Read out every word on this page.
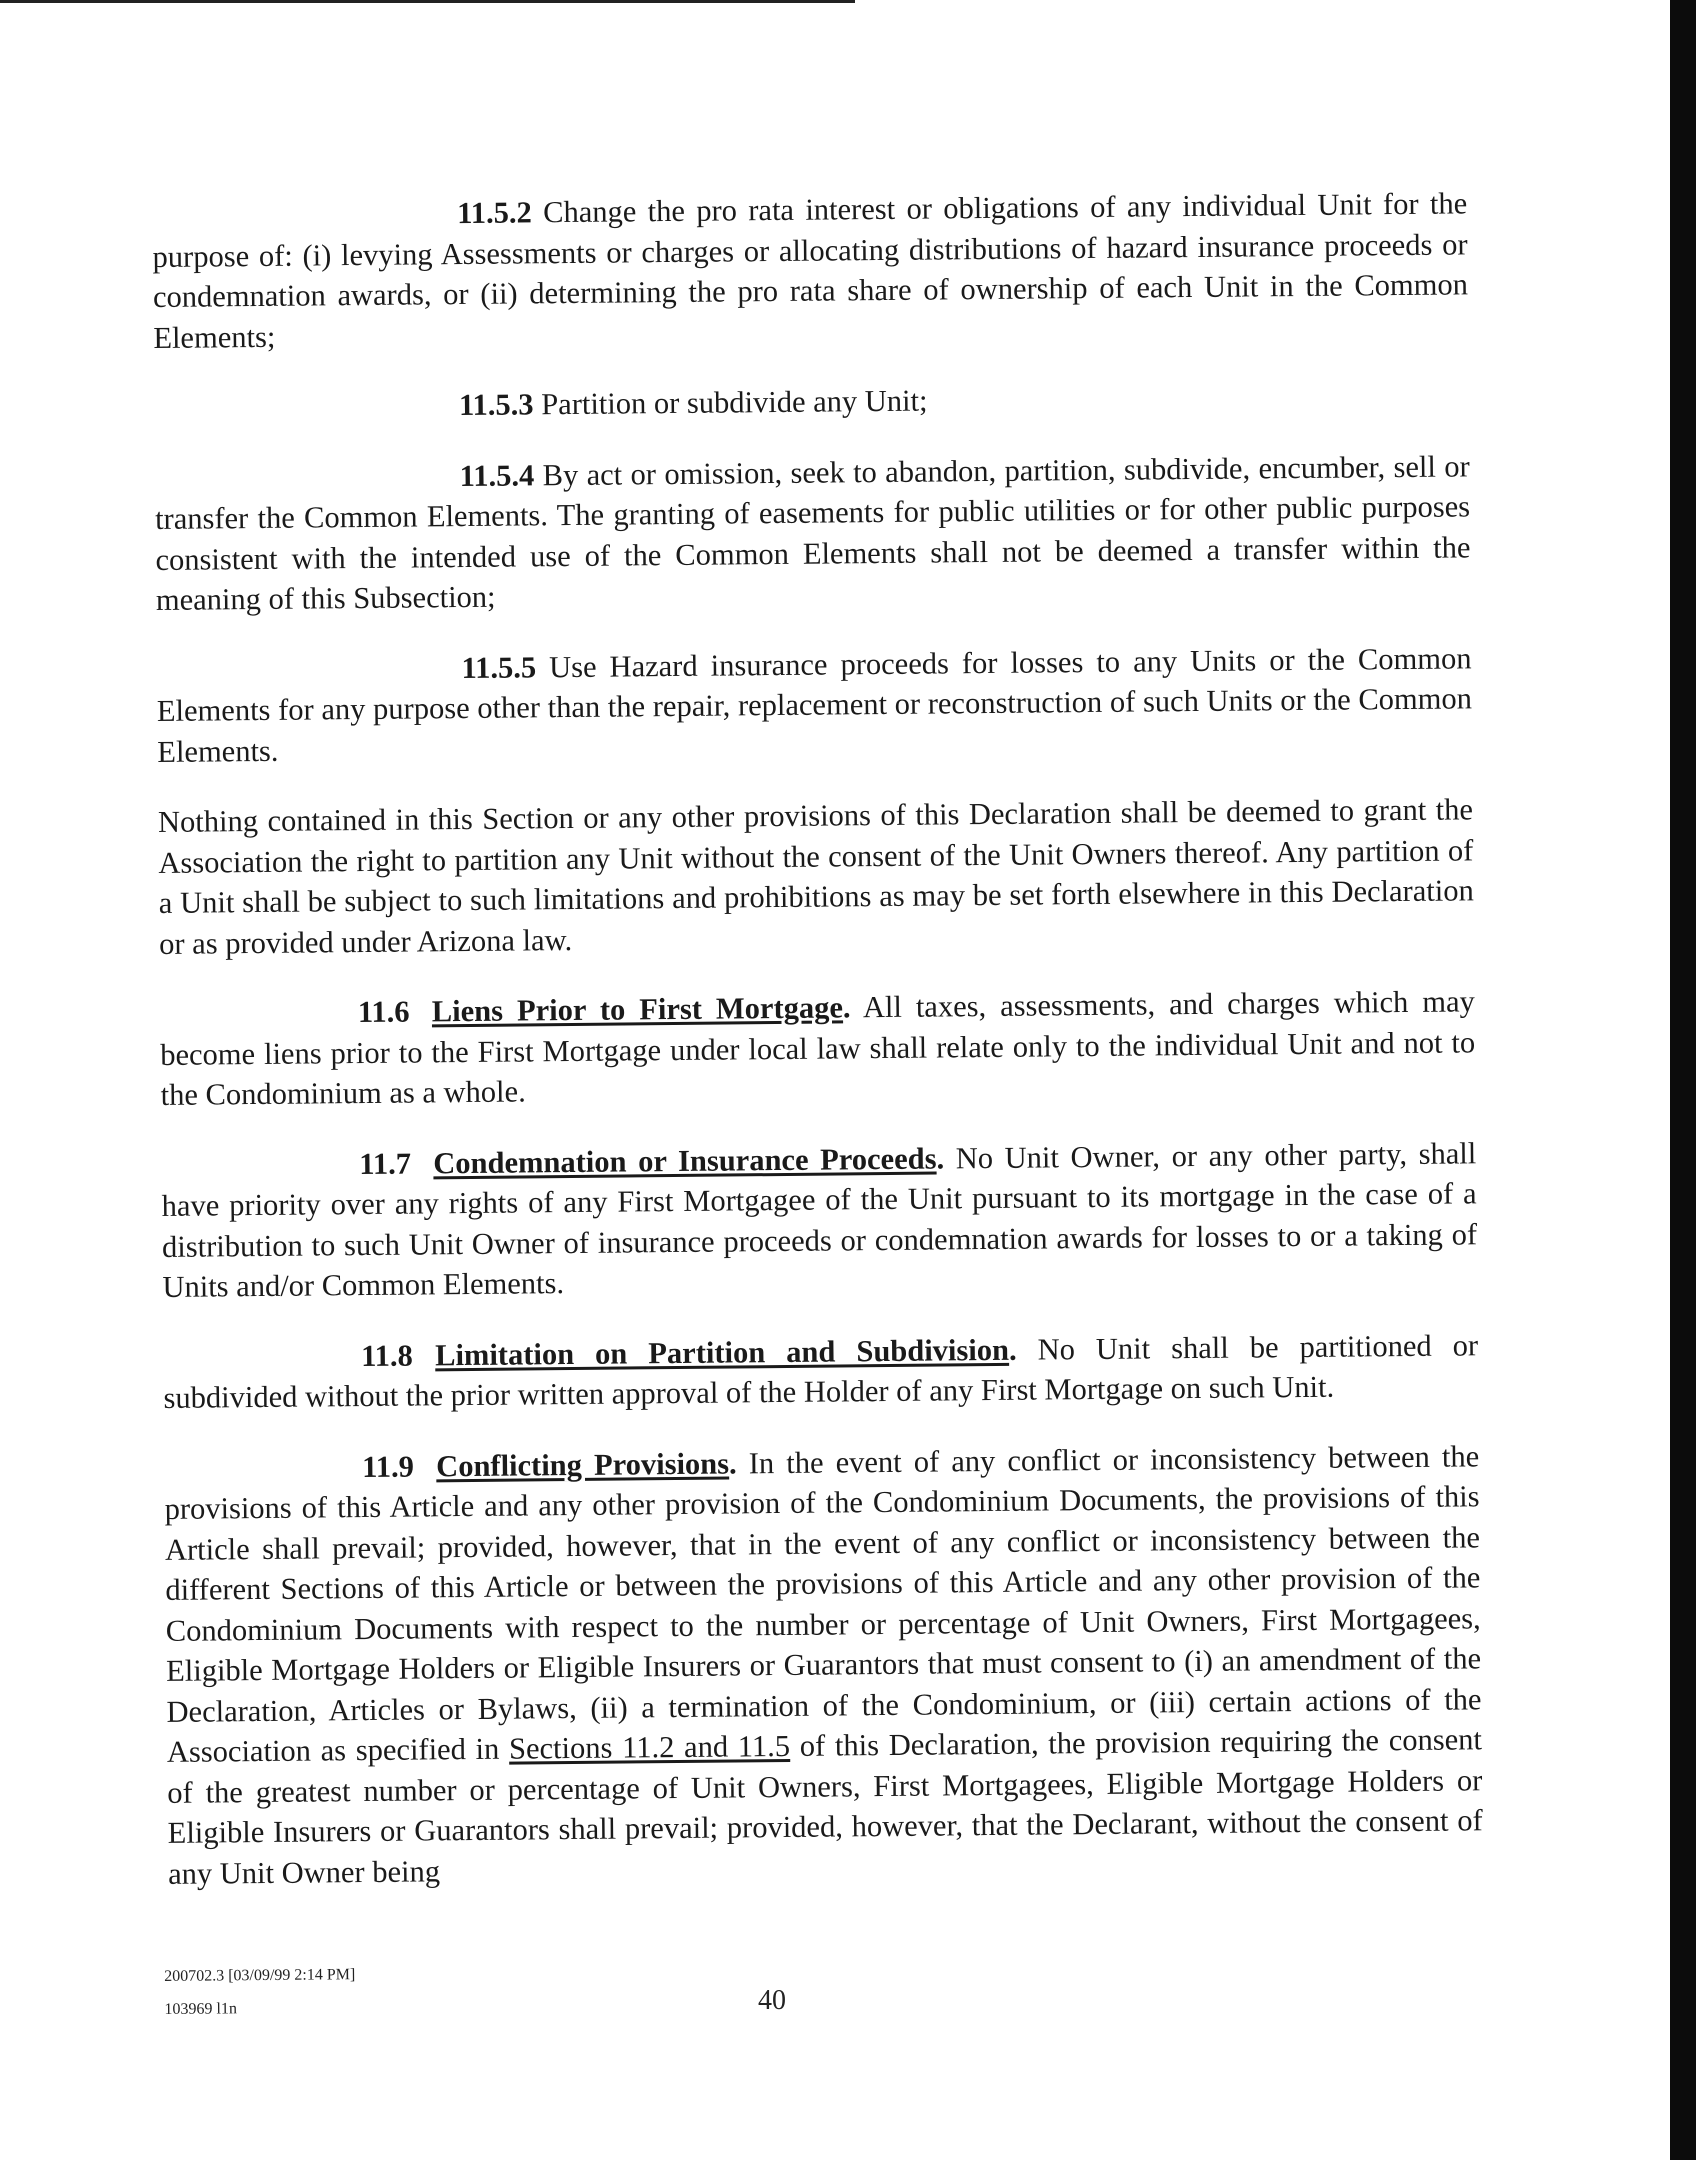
11.5.2 Change the pro rata interest or obligations of any individual Unit for the purpose of: (i) levying Assessments or charges or allocating distributions of hazard insurance proceeds or condemnation awards, or (ii) determining the pro rata share of ownership of each Unit in the Common Elements;

11.5.3 Partition or subdivide any Unit;

11.5.4 By act or omission, seek to abandon, partition, subdivide, encumber, sell or transfer the Common Elements. The granting of easements for public utilities or for other public purposes consistent with the intended use of the Common Elements shall not be deemed a transfer within the meaning of this Subsection;

11.5.5 Use Hazard insurance proceeds for losses to any Units or the Common Elements for any purpose other than the repair, replacement or reconstruction of such Units or the Common Elements.

Nothing contained in this Section or any other provisions of this Declaration shall be deemed to grant the Association the right to partition any Unit without the consent of the Unit Owners thereof. Any partition of a Unit shall be subject to such limitations and prohibitions as may be set forth elsewhere in this Declaration or as provided under Arizona law.

11.6 Liens Prior to First Mortgage. All taxes, assessments, and charges which may become liens prior to the First Mortgage under local law shall relate only to the individual Unit and not to the Condominium as a whole.

11.7 Condemnation or Insurance Proceeds. No Unit Owner, or any other party, shall have priority over any rights of any First Mortgagee of the Unit pursuant to its mortgage in the case of a distribution to such Unit Owner of insurance proceeds or condemnation awards for losses to or a taking of Units and/or Common Elements.

11.8 Limitation on Partition and Subdivision. No Unit shall be partitioned or subdivided without the prior written approval of the Holder of any First Mortgage on such Unit.

11.9 Conflicting Provisions. In the event of any conflict or inconsistency between the provisions of this Article and any other provision of the Condominium Documents, the provisions of this Article shall prevail; provided, however, that in the event of any conflict or inconsistency between the different Sections of this Article or between the provisions of this Article and any other provision of the Condominium Documents with respect to the number or percentage of Unit Owners, First Mortgagees, Eligible Mortgage Holders or Eligible Insurers or Guarantors that must consent to (i) an amendment of the Declaration, Articles or Bylaws, (ii) a termination of the Condominium, or (iii) certain actions of the Association as specified in Sections 11.2 and 11.5 of this Declaration, the provision requiring the consent of the greatest number or percentage of Unit Owners, First Mortgagees, Eligible Mortgage Holders or Eligible Insurers or Guarantors shall prevail; provided, however, that the Declarant, without the consent of any Unit Owner being

200702.3 [03/09/99 2:14 PM]
103969 l1n	40
